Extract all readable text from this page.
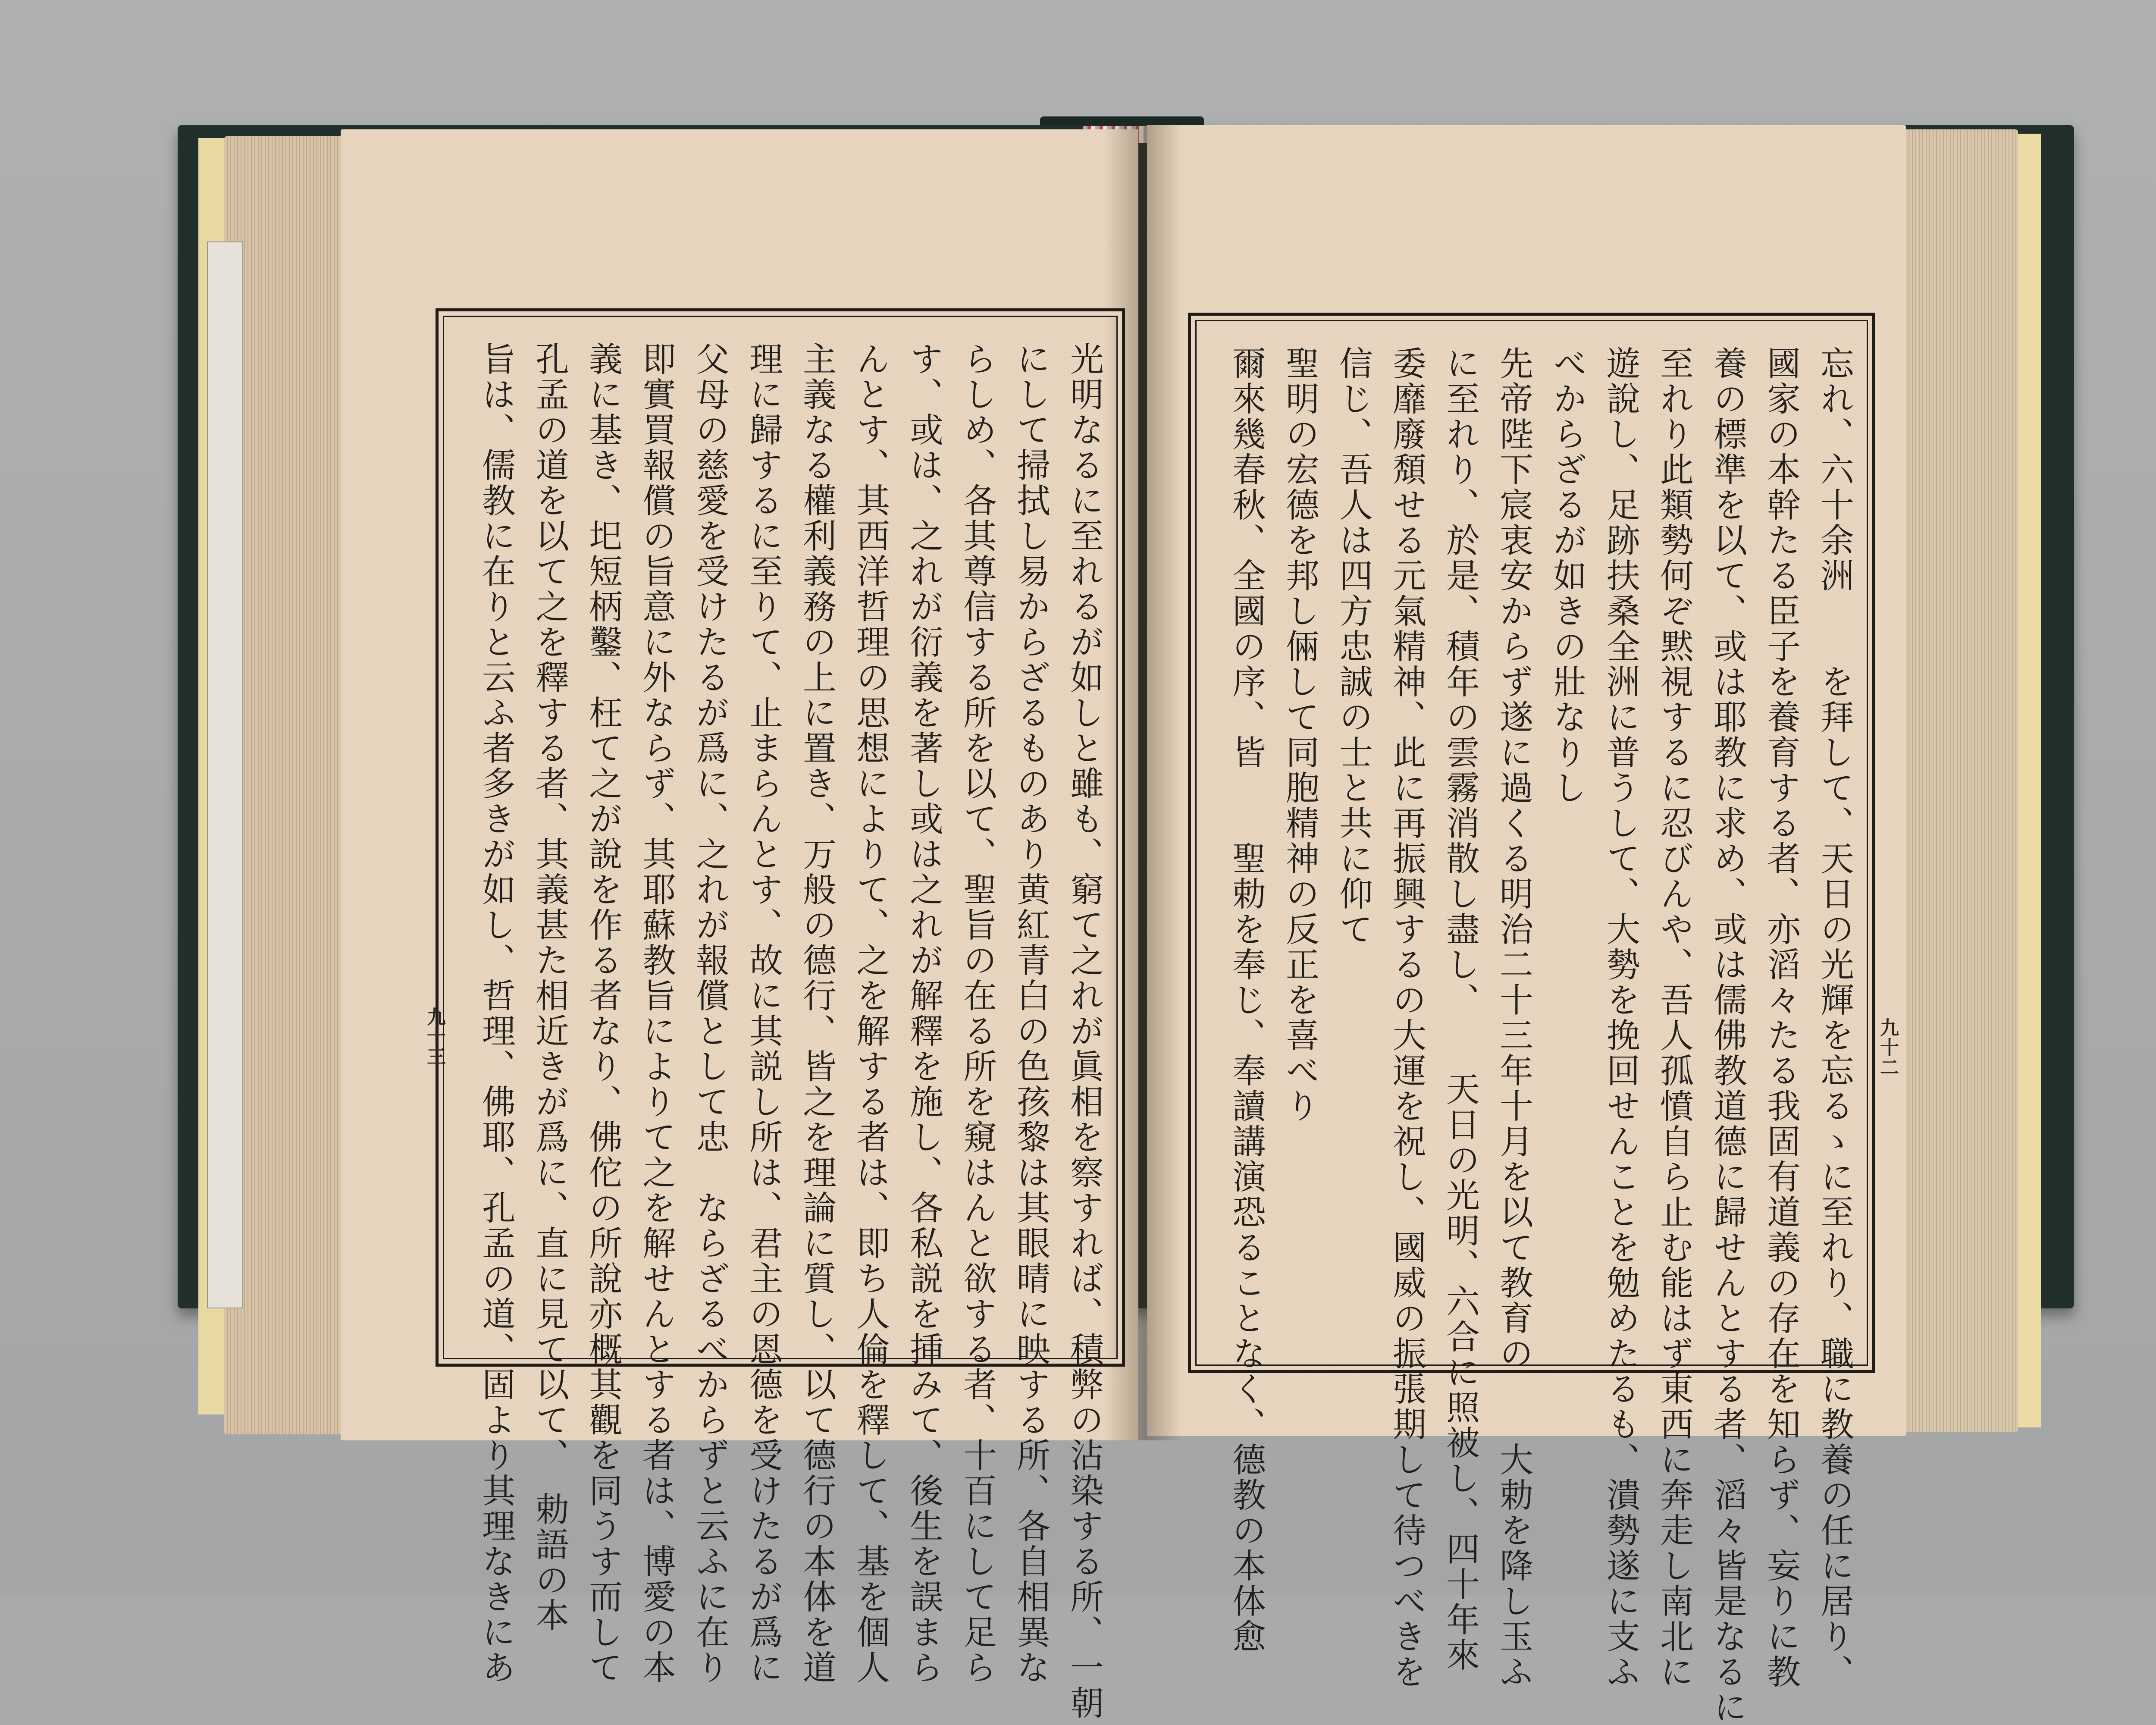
光明なるに至れるが如しと雖も、窮て之れが眞相を察すれば、積弊の沾染する所、一朝
にして掃拭し易からざるものあり黄紅青白の色孩黎は其眼晴に映する所、各自相異な
らしめ、各其尊信する所を以て、聖旨の在る所を窺はんと欲する者、十百にして足ら
す、或は、之れが衍義を著し或は之れが解釋を施し、各私説を挿みて、後生を誤まら
んとす、其西洋哲理の思想によりて、之を解する者は、即ち人倫を釋して、基を個人
主義なる權利義務の上に置き、万般の德行、皆之を理論に質し、以て德行の本体を道
理に歸するに至りて、止まらんとす、故に其説し所は、君主の恩德を受けたるが爲に
父母の慈愛を受けたるが爲に、之れが報償として忠　ならざるべからずと云ふに在り
即實買報償の旨意に外ならず、其耶蘇教旨によりて之を解せんとする者は、博愛の本
義に基き、圯短柄鑿、枉て之が說を作る者なり、佛佗の所說亦概其觀を同うす而して
孔孟の道を以て之を釋する者、其義甚た相近きが爲に、直に見て以て、　勅語の本
旨は、儒教に在りと云ふ者多きが如し、哲理、佛耶、孔孟の道、固より其理なきにあ
九十三	忘れ、六十余洲　　を拜して、天日の光輝を忘るゝに至れり、職に教養の任に居り、
國家の本幹たる臣子を養育する者、亦滔々たる我固有道義の存在を知らず、妄りに教
養の標準を以て、或は耶教に求め、或は儒佛教道德に歸せんとする者、滔々皆是なるに
至れり此類勢何ぞ黙視するに忍びんや、吾人孤憤自ら止む能はず東西に奔走し南北に
遊說し、足跡扶桑全洲に普うして、大勢を挽回せんことを勉めたるも、潰勢遂に支ふ
べからざるが如きの壯なりし
先帝陛下宸衷安からず遂に過くる明治二十三年十月を以て教育の　　大勅を降し玉ふ
に至れり、於是、積年の雲霧消散し盡し、　　天日の光明、六合に照被し、四十年來
委靡廢頽せる元氣精神、此に再振興するの大運を祝し、國威の振張期して待つべきを
信じ、吾人は四方忠誠の士と共に仰て
聖明の宏德を邦し倆して同胞精神の反正を喜べり
爾來幾春秋、全國の序、皆　　聖勅を奉じ、奉讀講演恐ることなく、德教の本体愈	九十二
